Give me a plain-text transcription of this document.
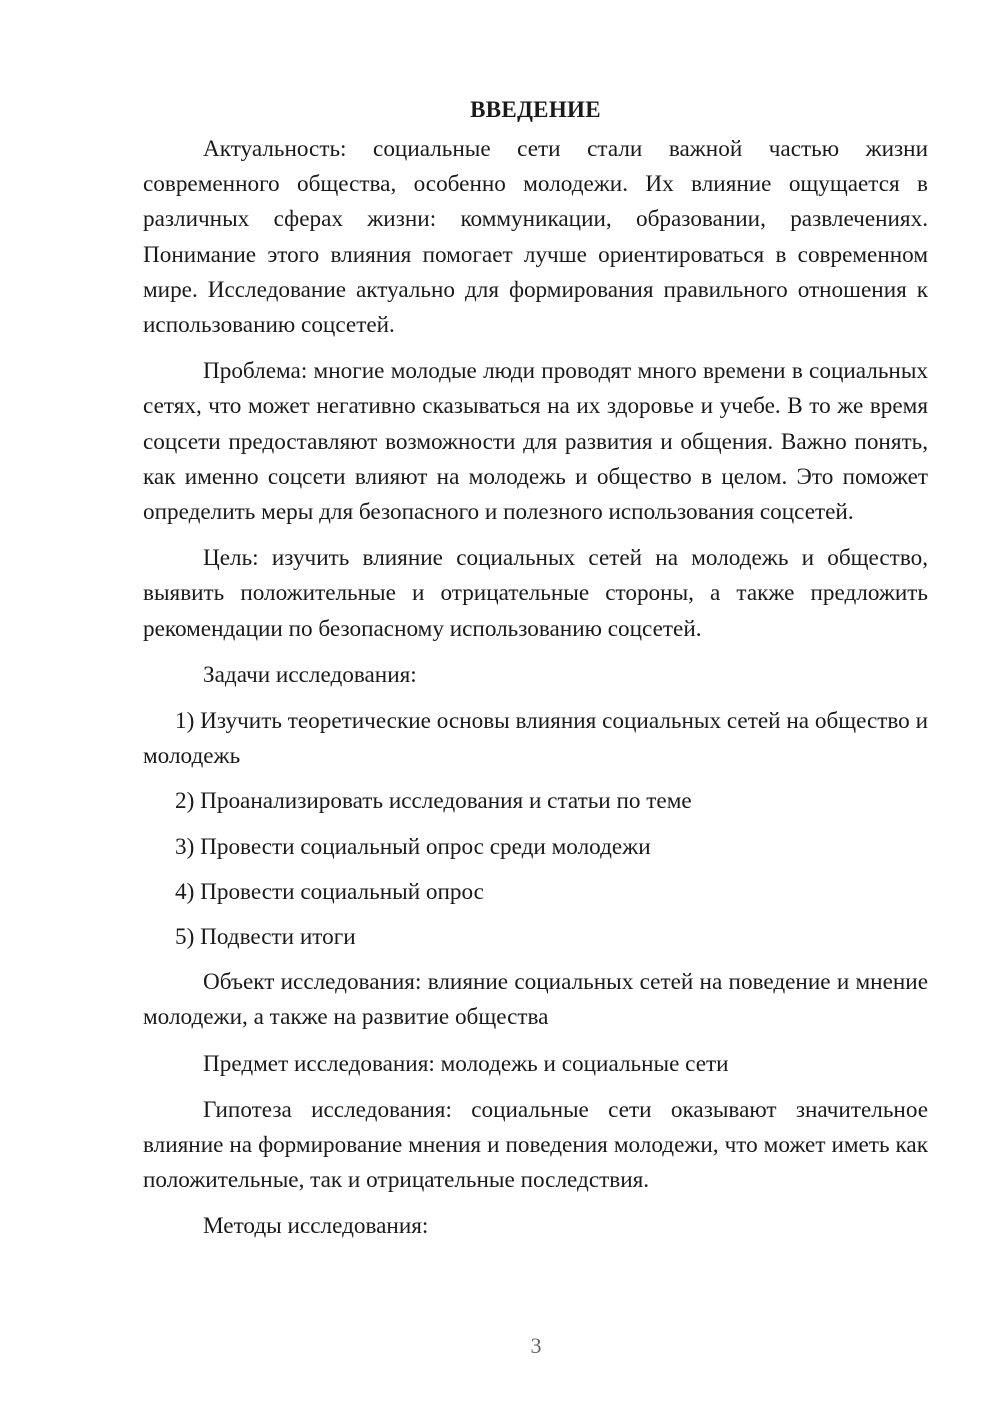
ВВЕДЕНИЕ

Актуальность: социальные сети стали важной частью жизни современного общества, особенно молодежи. Их влияние ощущается в различных сферах жизни: коммуникации, образовании, развлечениях. Понимание этого влияния помогает лучше ориентироваться в современном мире. Исследование актуально для формирования правильного отношения к использованию соцсетей.

Проблема: многие молодые люди проводят много времени в социальных сетях, что может негативно сказываться на их здоровье и учебе. В то же время соцсети предоставляют возможности для развития и общения. Важно понять, как именно соцсети влияют на молодежь и общество в целом. Это поможет определить меры для безопасного и полезного использования соцсетей.

Цель: изучить влияние социальных сетей на молодежь и общество, выявить положительные и отрицательные стороны, а также предложить рекомендации по безопасному использованию соцсетей.

Задачи исследования:

1) Изучить теоретические основы влияния социальных сетей на общество и молодежь

2) Проанализировать исследования и статьи по теме

3) Провести социальный опрос среди молодежи

4) Провести социальный опрос

5) Подвести итоги

Объект исследования: влияние социальных сетей на поведение и мнение молодежи, а также на развитие общества

Предмет исследования: молодежь и социальные сети

Гипотеза исследования: социальные сети оказывают значительное влияние на формирование мнения и поведения молодежи, что может иметь как положительные, так и отрицательные последствия.

Методы исследования:

3
